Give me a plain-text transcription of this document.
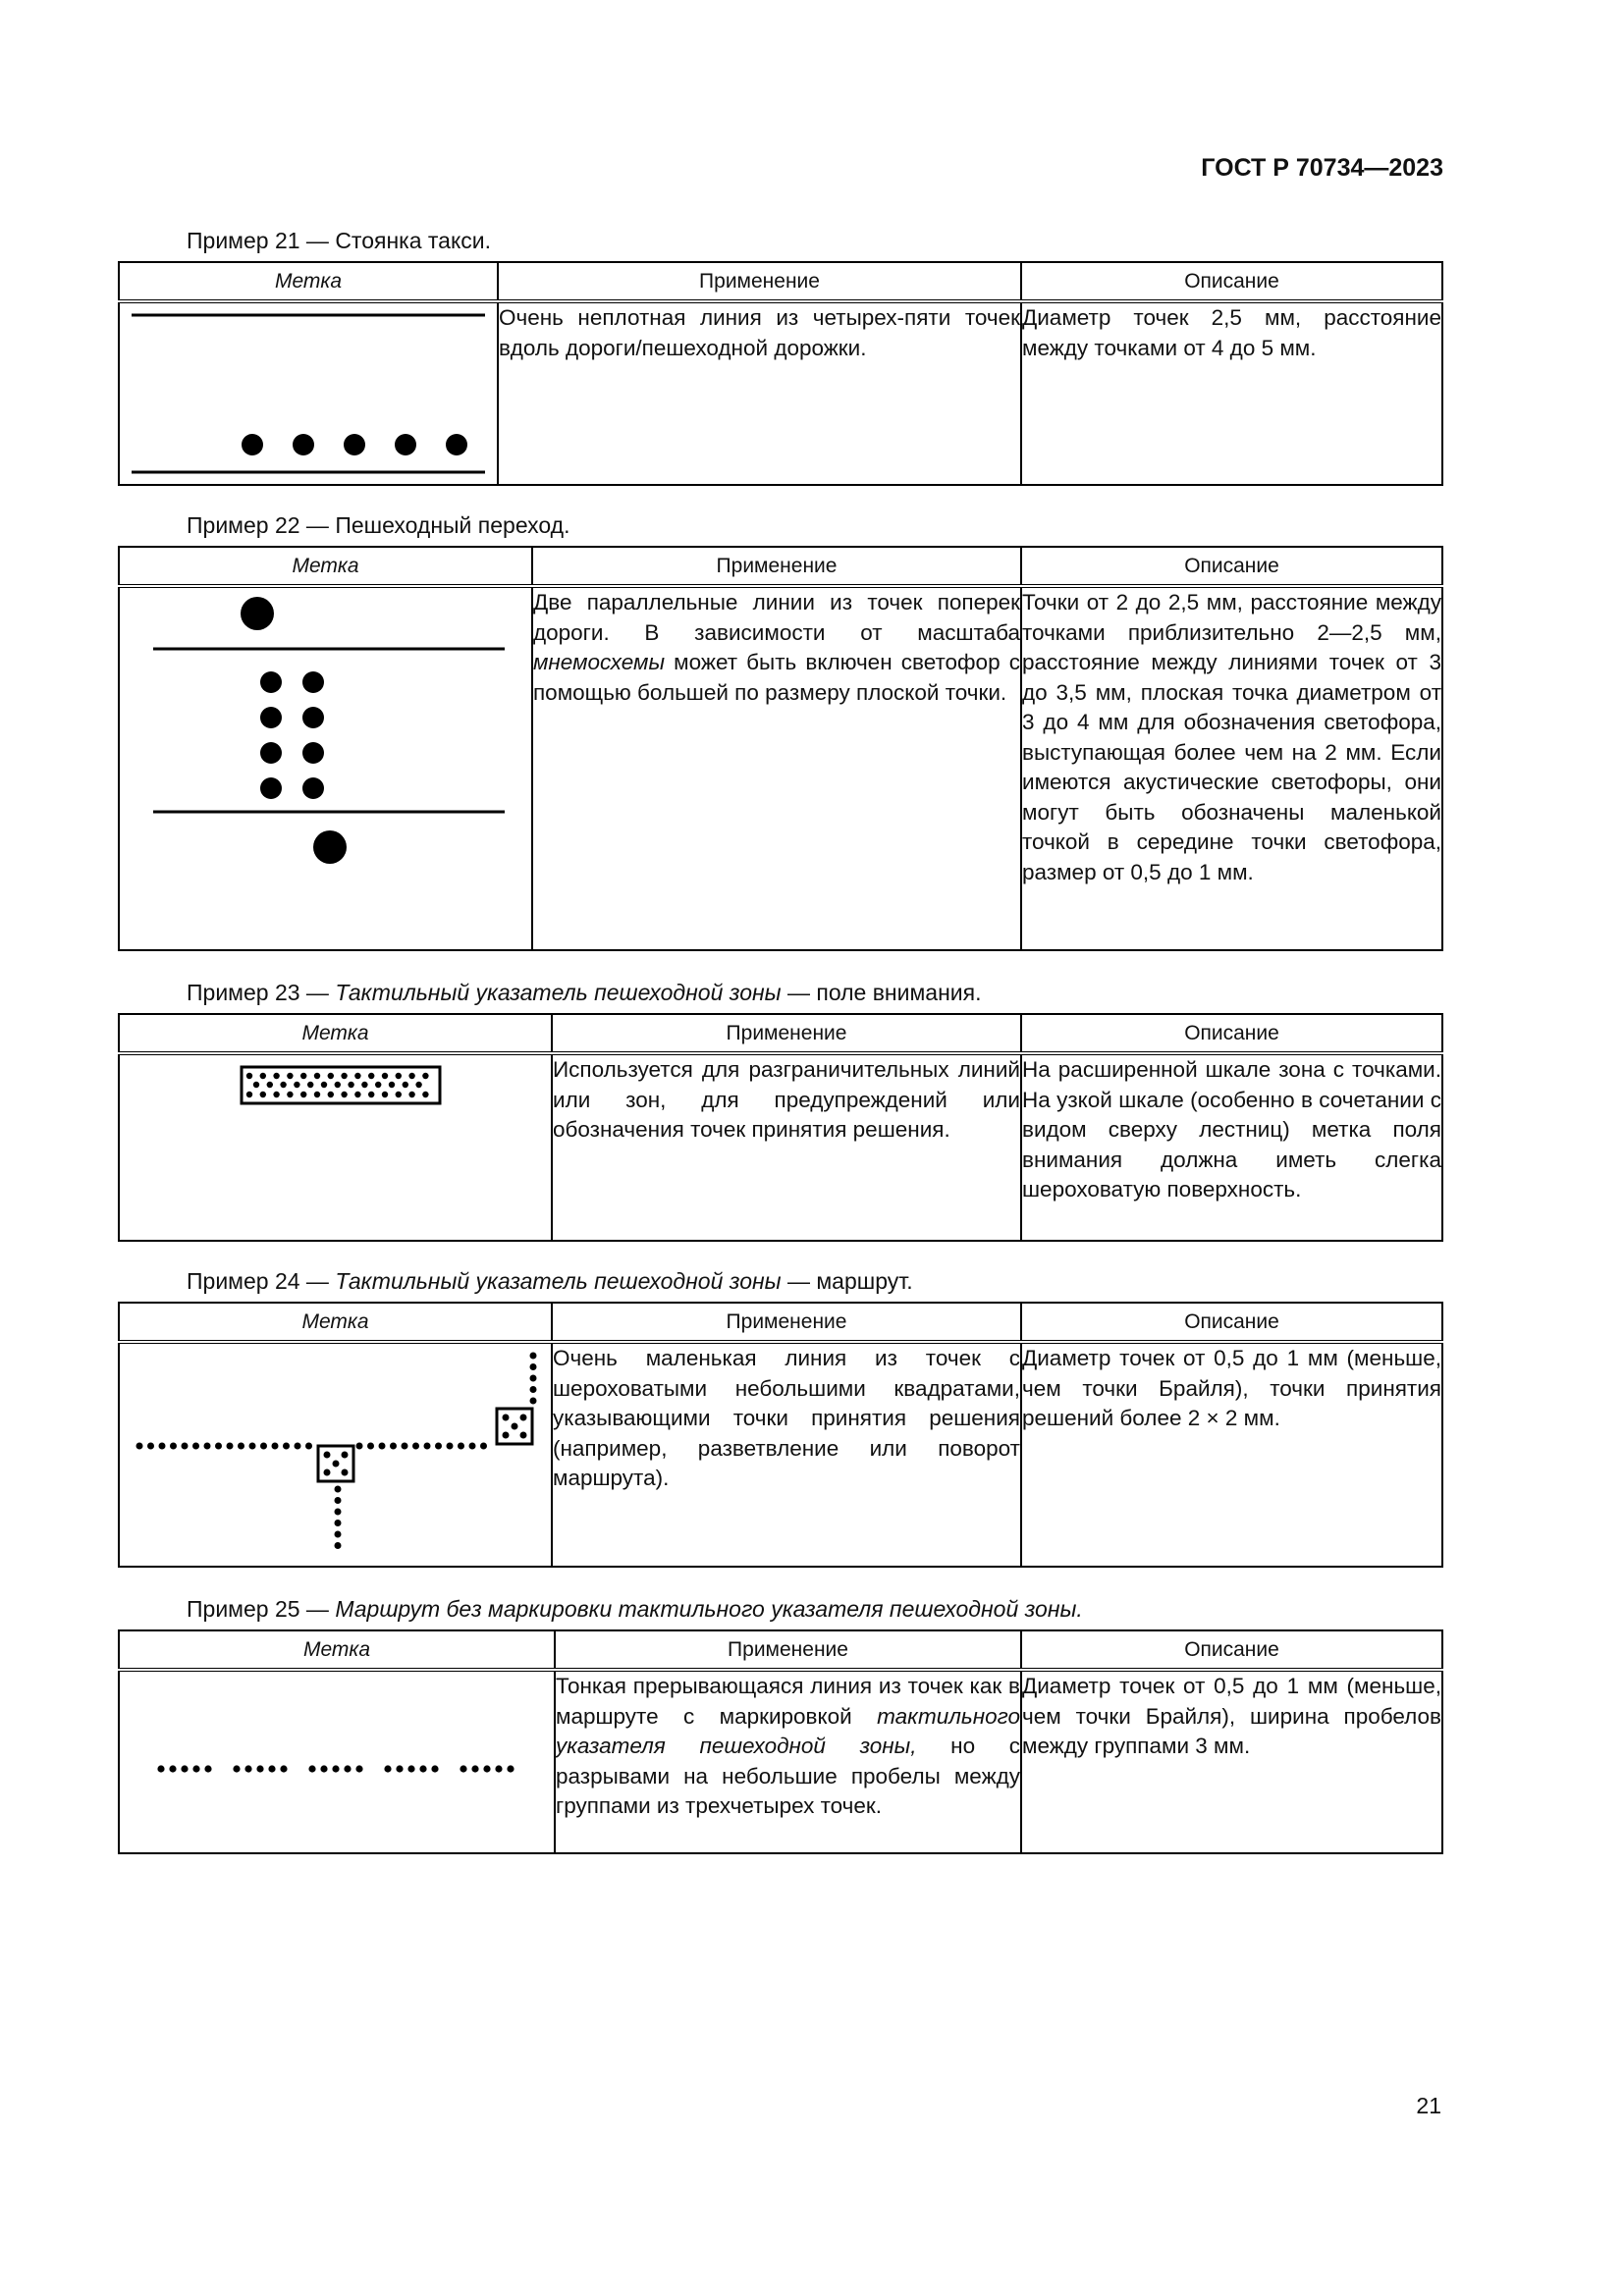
ГОСТ Р 70734—2023
Пример 21 — Стоянка такси.
Метка	Применение	Описание

	Очень неплотная линия из четырех-пяти точек вдоль дороги/пешеходной дорожки.	Диаметр точек 2,5 мм, расстояние между точками от 4 до 5 мм.
Пример 22 — Пешеходный переход.
Метка	Применение	Описание

	Две параллельные линии из точек поперек дороги. В зависимости от масштаба мнемосхемы может быть включен светофор с помощью большей по размеру плоской точки.	Точки от 2 до 2,5 мм, расстояние между точками приблизительно 2—2,5 мм, расстояние между линиями точек от 3 до 3,5 мм, плоская точка диаметром от 3 до 4 мм для обозначения светофора, выступающая более чем на 2 мм. Если имеются акустические светофоры, они могут быть обозначены маленькой точкой в середине точки светофора, размер от 0,5 до 1 мм.
Пример 23 — Тактильный указатель пешеходной зоны — поле внимания.
Метка	Применение	Описание

	Используется для разграничительных линий или зон, для предупреждений или обозначения точек принятия решения.	На расширенной шкале зона с точками. На узкой шкале (особенно в сочетании с видом сверху лестниц) метка поля внимания должна иметь слегка шероховатую поверхность.
Пример 24 — Тактильный указатель пешеходной зоны — маршрут.
Метка	Применение	Описание

	Очень маленькая линия из точек с шероховатыми небольшими квадратами, указывающими точки принятия решения (например, разветвление или поворот маршрута).	Диаметр точек от 0,5 до 1 мм (меньше, чем точки Брайля), точки принятия решений более 2 × 2 мм.
Пример 25 — Маршрут без маркировки тактильного указателя пешеходной зоны.
Метка	Применение	Описание

	Тонкая прерывающаяся линия из точек как в маршруте с маркировкой тактильного указателя пешеходной зоны, но с разрывами на небольшие пробелы между группами из трехчетырех точек.	Диаметр точек от 0,5 до 1 мм (меньше, чем точки Брайля), ширина пробелов между группами 3 мм.
21
